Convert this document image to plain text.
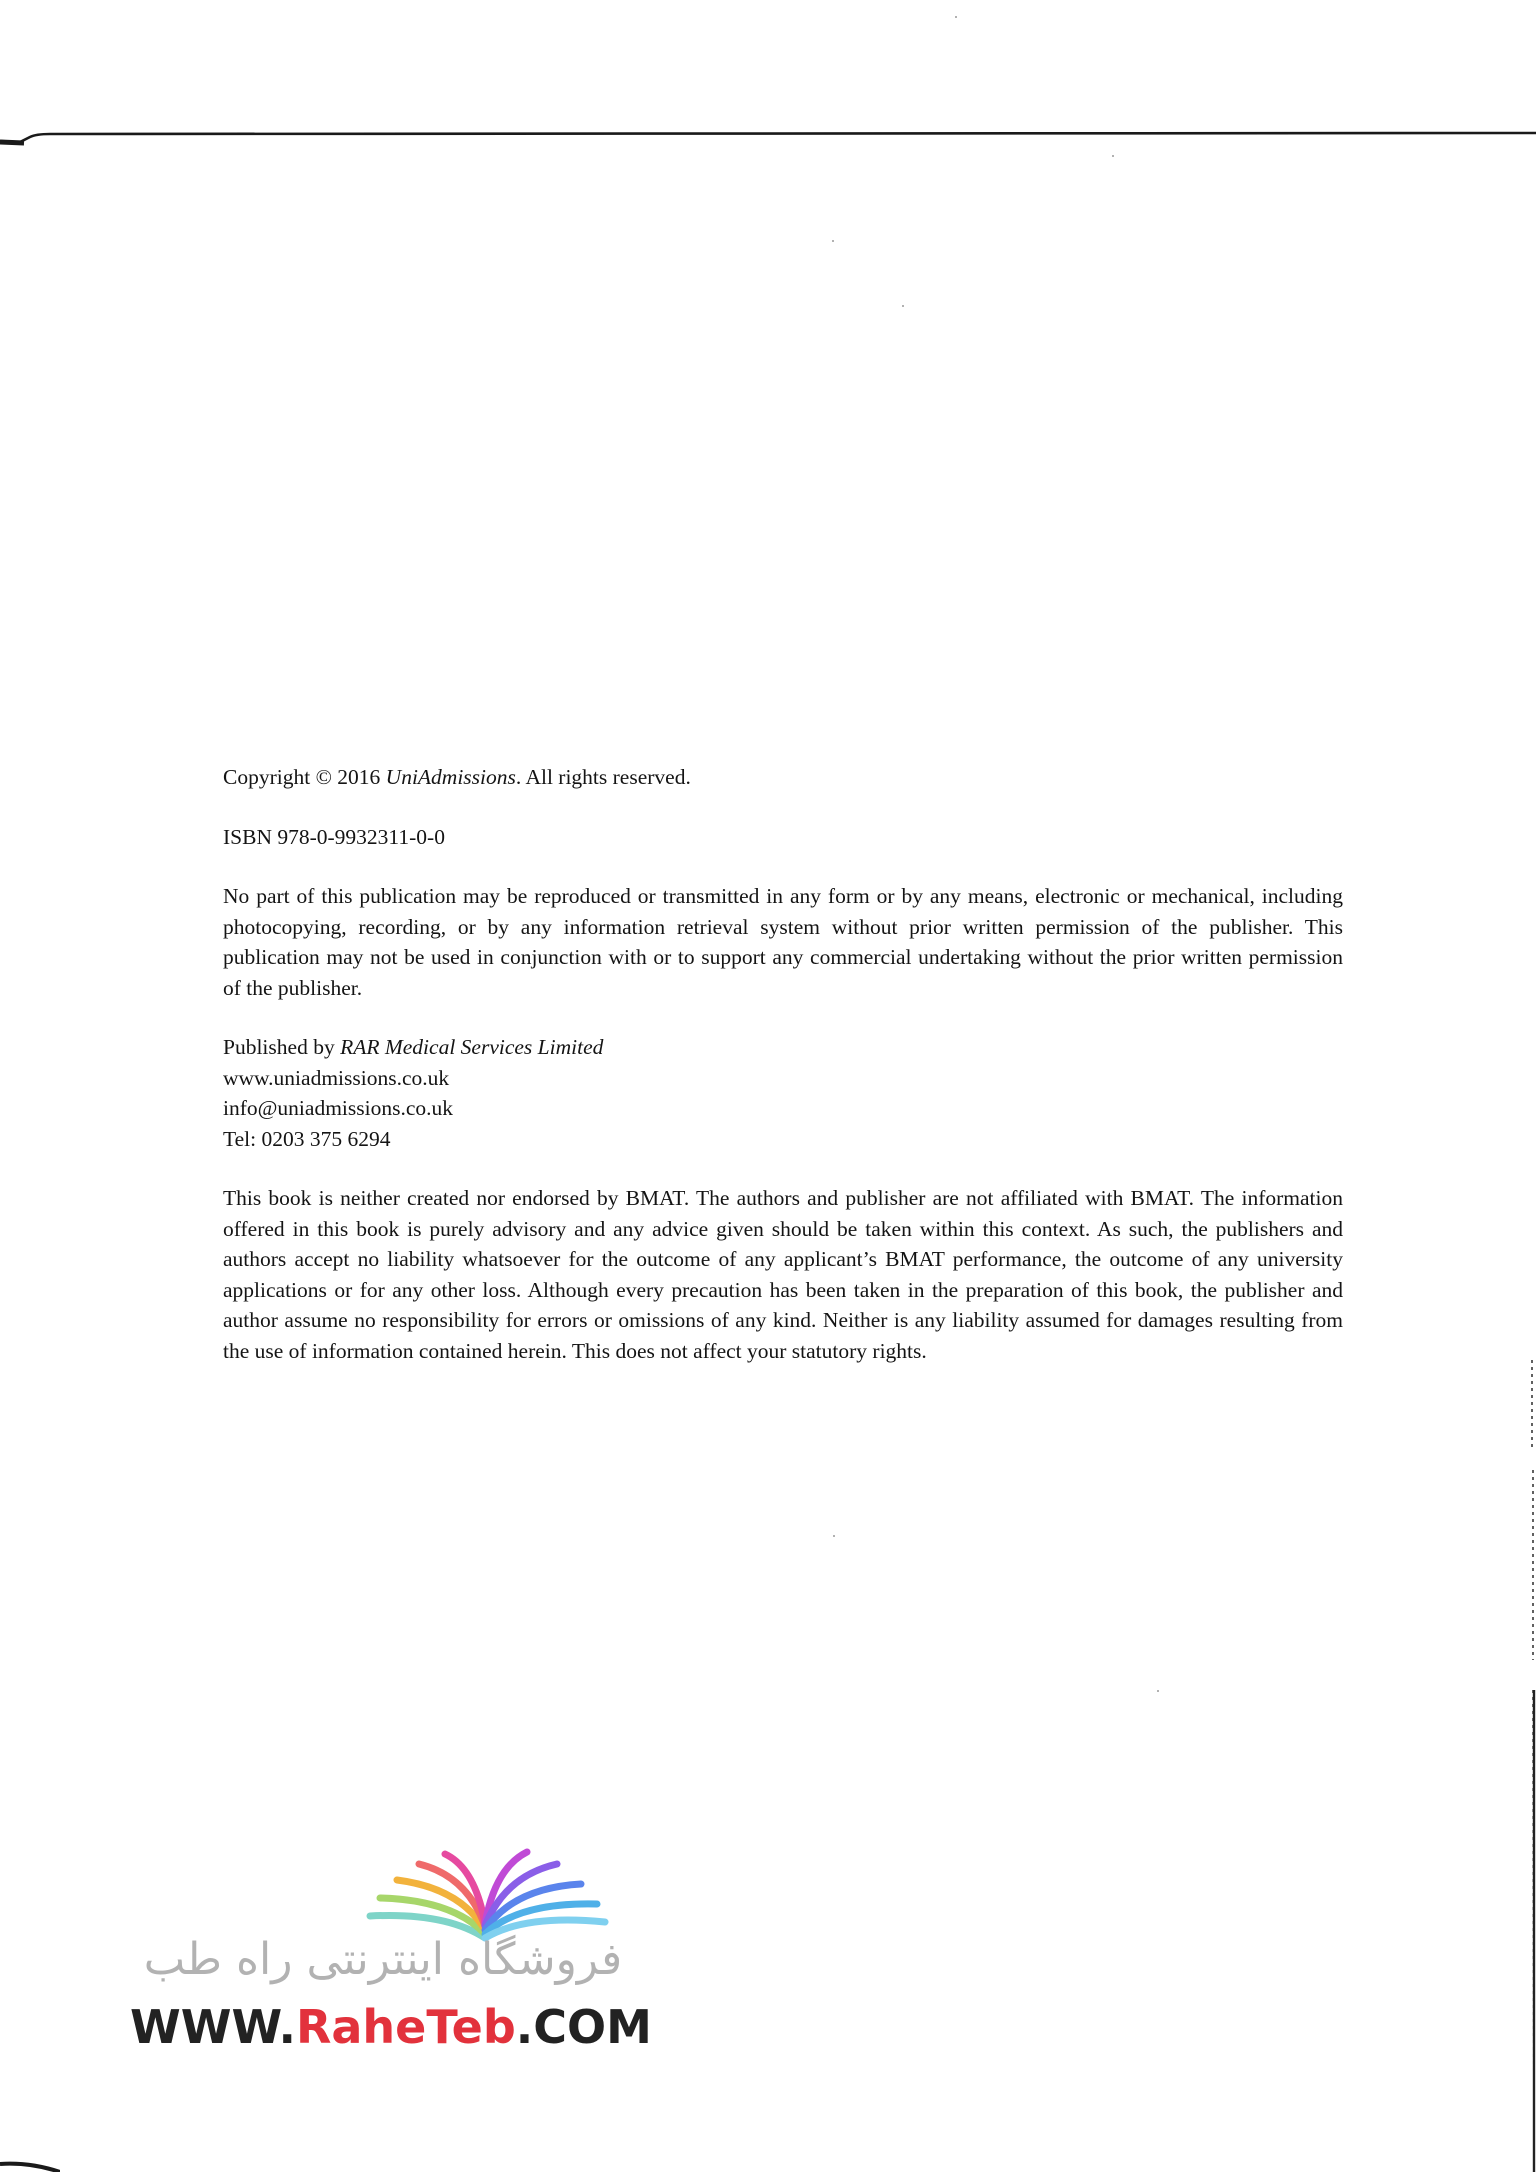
Copyright © 2016 UniAdmissions. All rights reserved.

ISBN 978-0-9932311-0-0

No part of this publication may be reproduced or transmitted in any form or by any means, electronic or mechanical, including photocopying, recording, or by any information retrieval system without prior written permission of the publisher. This publication may not be used in conjunction with or to support any commercial undertaking without the prior written permission of the publisher.

Published by RAR Medical Services Limited

www.uniadmissions.co.uk

info@uniadmissions.co.uk

Tel: 0203 375 6294

This book is neither created nor endorsed by BMAT. The authors and publisher are not affiliated with BMAT. The information offered in this book is purely advisory and any advice given should be taken within this context. As such, the publishers and authors accept no liability whatsoever for the outcome of any applicant’s BMAT performance, the outcome of any university applications or for any other loss. Although every precaution has been taken in the preparation of this book, the publisher and author assume no responsibility for errors or omissions of any kind. Neither is any liability assumed for damages resulting from the use of information contained herein. This does not affect your statutory rights.

فروشگاه اینترنتی راه طب
WWW.RaheTeb.COM
